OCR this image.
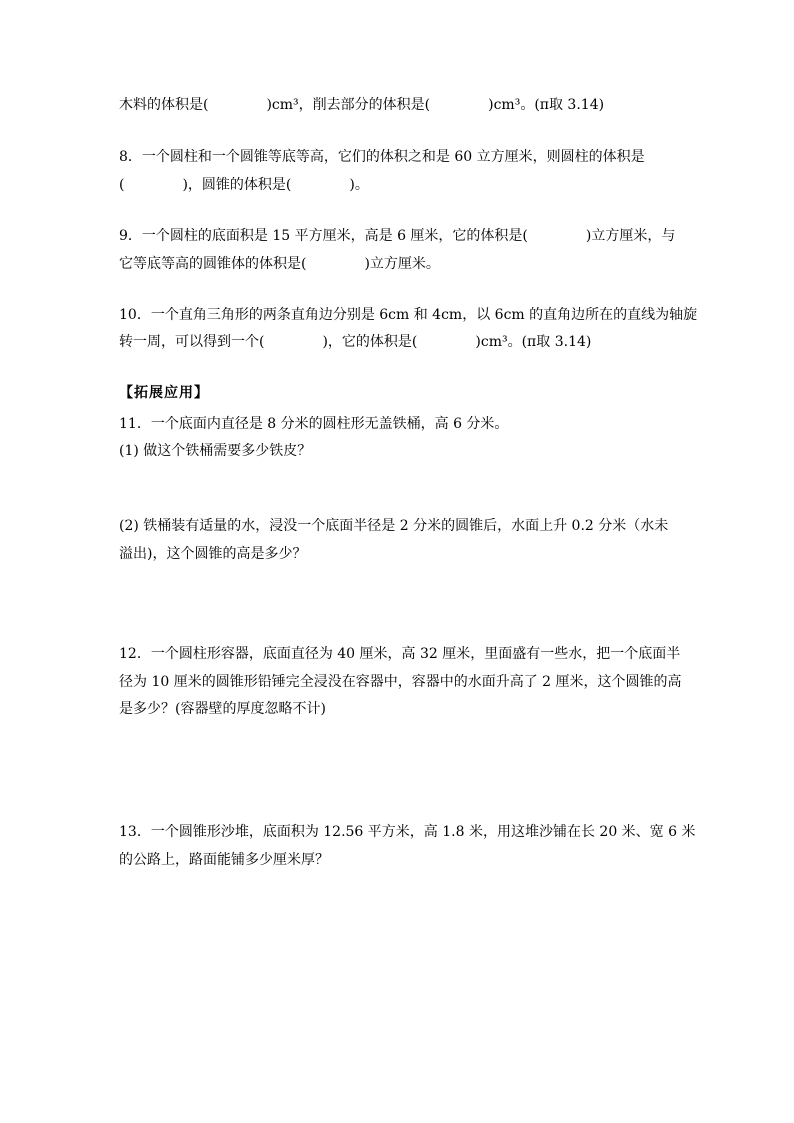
木料的体积是(	)cm³，削去部分的体积是(	)cm³。(π取 3.14)
8．一个圆柱和一个圆锥等底等高，它们的体积之和是 60 立方厘米，则圆柱的体积是
(	)，圆锥的体积是(	)。
9．一个圆柱的底面积是 15 平方厘米，高是 6 厘米，它的体积是(	)立方厘米，与
它等底等高的圆锥体的体积是(	)立方厘米。
10．一个直角三角形的两条直角边分别是 6cm 和 4cm，以 6cm 的直角边所在的直线为轴旋
转一周，可以得到一个(	)，它的体积是(	)cm³。(π取 3.14)
【拓展应用】
11．一个底面内直径是 8 分米的圆柱形无盖铁桶，高 6 分米。
(1) 做这个铁桶需要多少铁皮？
(2) 铁桶装有适量的水，浸没一个底面半径是 2 分米的圆锥后，水面上升 0.2 分米（水未
溢出)，这个圆锥的高是多少？
12．一个圆柱形容器，底面直径为 40 厘米，高 32 厘米，里面盛有一些水，把一个底面半
径为 10 厘米的圆锥形铅锤完全浸没在容器中，容器中的水面升高了 2 厘米，这个圆锥的高
是多少？(容器壁的厚度忽略不计)
13．一个圆锥形沙堆，底面积为 12.56 平方米，高 1.8 米，用这堆沙铺在长 20 米、宽 6 米
的公路上，路面能铺多少厘米厚？
